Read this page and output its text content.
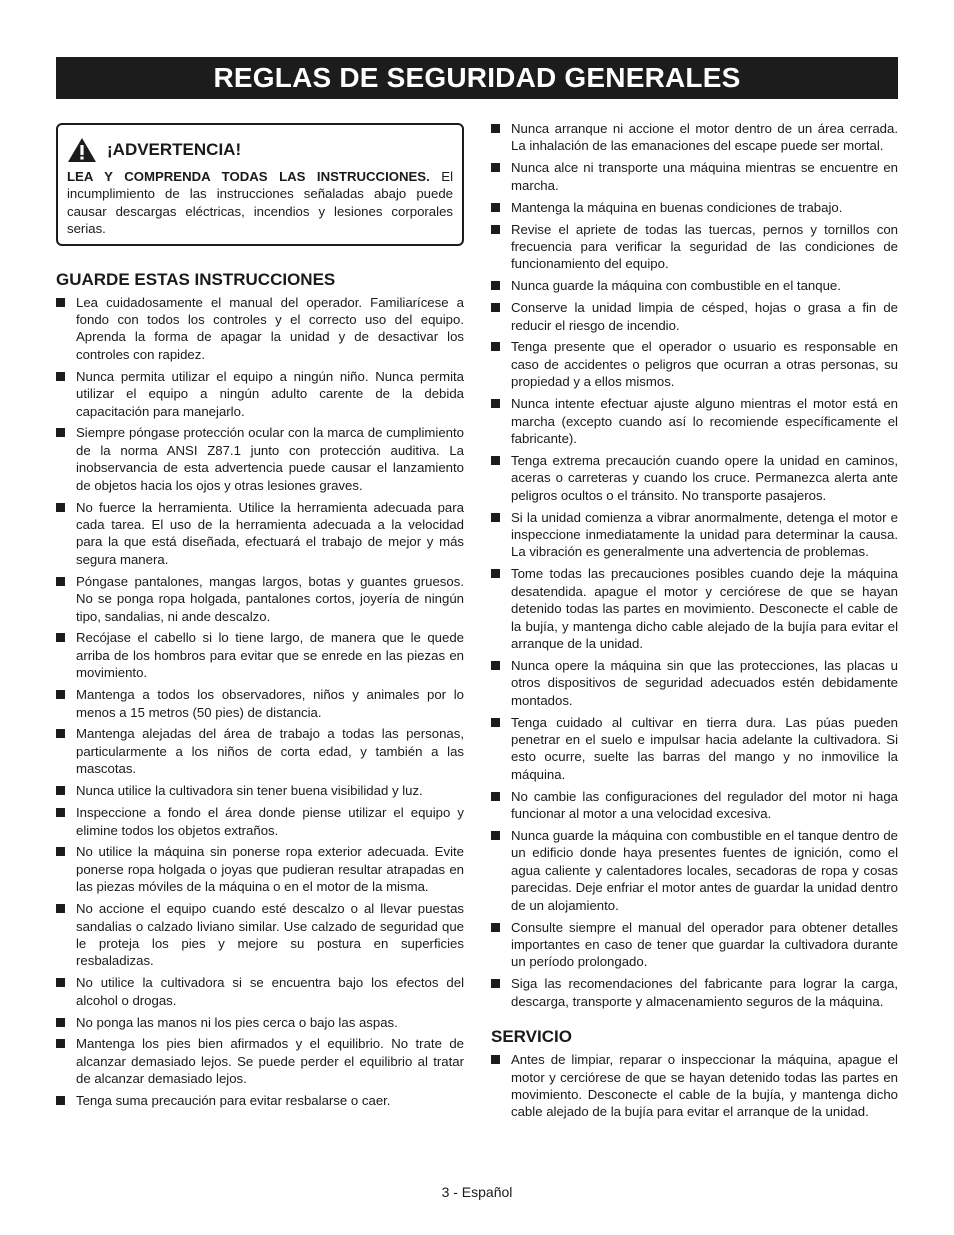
REGLAS DE SEGURIDAD GENERALES
¡ADVERTENCIA!

LEA Y COMPRENDA TODAS LAS INSTRUCCIONES. El incumplimiento de las instrucciones señaladas abajo puede causar descargas eléctricas, incendios y lesiones corporales serias.

GUARDE ESTAS INSTRUCCIONES
Lea cuidadosamente el manual del operador. Familiarícese a fondo con todos los controles y el correcto uso del equipo. Aprenda la forma de apagar la unidad y de desactivar los controles con rapidez.
Nunca permita utilizar el equipo a ningún niño. Nunca permita utilizar el equipo a ningún adulto carente de la debida capacitación para manejarlo.
Siempre póngase protección ocular con la marca de cumplimiento de la norma ANSI Z87.1 junto con protección auditiva. La inobservancia de esta advertencia puede causar el lanzamiento de objetos hacia los ojos y otras lesiones graves.
No fuerce la herramienta. Utilice la herramienta adecuada para cada tarea. El uso de la herramienta adecuada a la velocidad para la que está diseñada, efectuará el trabajo de mejor y más segura manera.
Póngase pantalones, mangas largos, botas y guantes gruesos. No se ponga ropa holgada, pantalones cortos, joyería de ningún tipo, sandalias, ni ande descalzo.
Recójase el cabello si lo tiene largo, de manera que le quede arriba de los hombros para evitar que se enrede en las piezas en movimiento.
Mantenga a todos los observadores, niños y animales por lo menos a 15 metros (50 pies) de distancia.
Mantenga alejadas del área de trabajo a todas las personas, particularmente a los niños de corta edad, y también a las mascotas.
Nunca utilice la cultivadora sin tener buena visibilidad y luz.
Inspeccione a fondo el área donde piense utilizar el equipo y elimine todos los objetos extraños.
No utilice la máquina sin ponerse ropa exterior adecuada. Evite ponerse ropa holgada o joyas que pudieran resultar atrapadas en las piezas móviles de la máquina o en el motor de la misma.
No accione el equipo cuando esté descalzo o al llevar puestas sandalias o calzado liviano similar. Use calzado de seguridad que le proteja los pies y mejore su postura en superficies resbaladizas.
No utilice la cultivadora si se encuentra bajo los efectos del alcohol o drogas.
No ponga las manos ni los pies cerca o bajo las aspas.
Mantenga los pies bien afirmados y el equilibrio. No trate de alcanzar demasiado lejos. Se puede perder el equilibrio al tratar de alcanzar demasiado lejos.
Tenga suma precaución para evitar resbalarse o caer.
Nunca arranque ni accione el motor dentro de un área cerrada. La inhalación de las emanaciones del escape puede ser mortal.
Nunca alce ni transporte una máquina mientras se encuentre en marcha.
Mantenga la máquina en buenas condiciones de trabajo.
Revise el apriete de todas las tuercas, pernos y tornillos con frecuencia para verificar la seguridad de las condiciones de funcionamiento del equipo.
Nunca guarde la máquina con combustible en el tanque.
Conserve la unidad limpia de césped, hojas o grasa a fin de reducir el riesgo de incendio.
Tenga presente que el operador o usuario es responsable en caso de accidentes o peligros que ocurran a otras personas, su propiedad y a ellos mismos.
Nunca intente efectuar ajuste alguno mientras el motor está en marcha (excepto cuando así lo recomiende específicamente el fabricante).
Tenga extrema precaución cuando opere la unidad en caminos, aceras o carreteras y cuando los cruce. Permanezca alerta ante peligros ocultos o el tránsito. No transporte pasajeros.
Si la unidad comienza a vibrar anormalmente, detenga el motor e inspeccione inmediatamente la unidad para determinar la causa. La vibración es generalmente una advertencia de problemas.
Tome todas las precauciones posibles cuando deje la máquina desatendida. apague el motor y cerciórese de que se hayan detenido todas las partes en movimiento. Desconecte el cable de la bujía, y mantenga dicho cable alejado de la bujía para evitar el arranque de la unidad.
Nunca opere la máquina sin que las protecciones, las placas u otros dispositivos de seguridad adecuados estén debidamente montados.
Tenga cuidado al cultivar en tierra dura. Las púas pueden penetrar en el suelo e impulsar hacia adelante la cultivadora. Si esto ocurre, suelte las barras del mango y no inmovilice la máquina.
No cambie las configuraciones del regulador del motor ni haga funcionar al motor a una velocidad excesiva.
Nunca guarde la máquina con combustible en el tanque dentro de un edificio donde haya presentes fuentes de ignición, como el agua caliente y calentadores locales, secadoras de ropa y cosas parecidas. Deje enfriar el motor antes de guardar la unidad dentro de un alojamiento.
Consulte siempre el manual del operador para obtener detalles importantes en caso de tener que guardar la cultivadora durante un período prolongado.
Siga las recomendaciones del fabricante para lograr la carga, descarga, transporte y almacenamiento seguros de la máquina.
SERVICIO
Antes de limpiar, reparar o inspeccionar la máquina, apague el motor y cerciórese de que se hayan detenido todas las partes en movimiento. Desconecte el cable de la bujía, y mantenga dicho cable alejado de la bujía para evitar el arranque de la unidad.
3 - Español
